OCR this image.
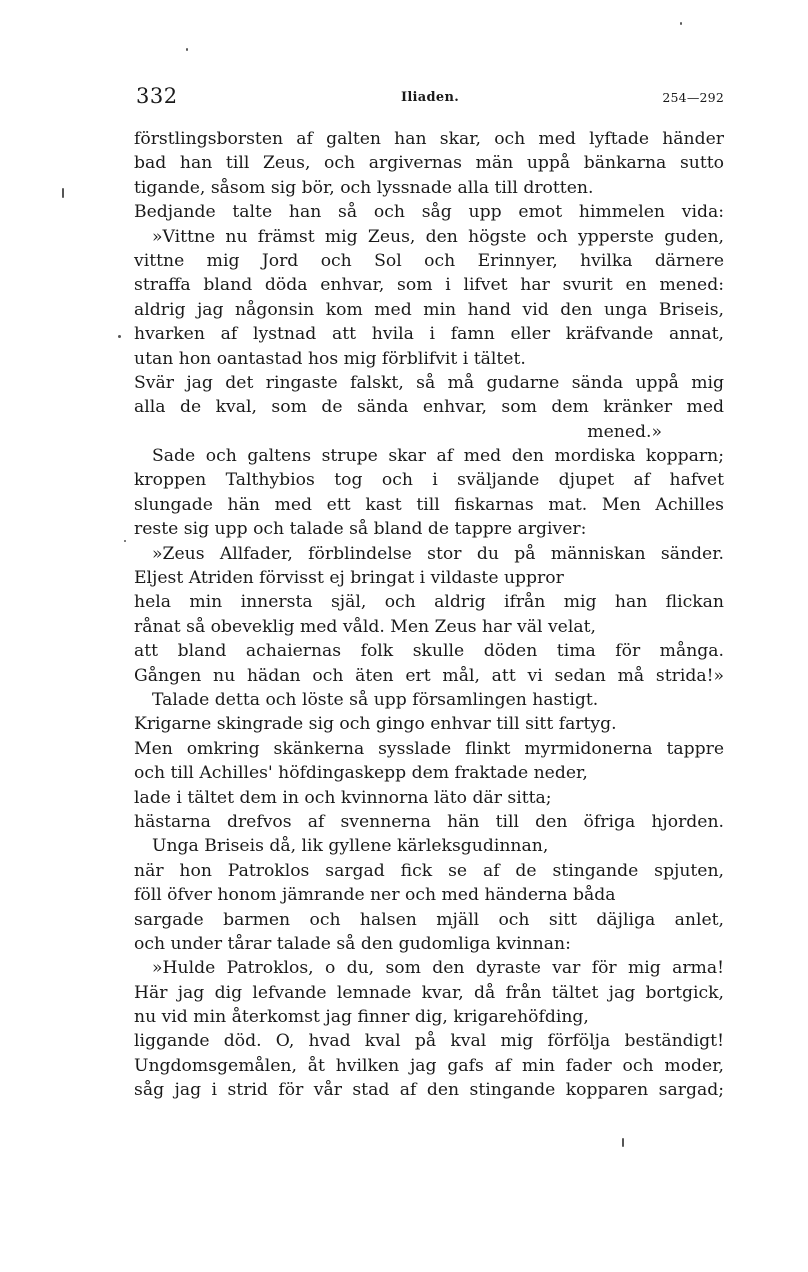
332	Iliaden.	254—292
förstlingsborsten af galten han skar, och med lyftade händer
bad han till Zeus, och argivernas män uppå bänkarna sutto
tigande, såsom sig bör, och lyssnade alla till drotten.
Bedjande talte han så och såg upp emot himmelen vida:
»Vittne nu främst mig Zeus, den högste och ypperste guden,
vittne mig Jord och Sol och Erinnyer, hvilka därnere
straffa bland döda enhvar, som i lifvet har svurit en mened:
aldrig jag någonsin kom med min hand vid den unga Briseis,
hvarken af lystnad att hvila i famn eller kräfvande annat,
utan hon oantastad hos mig förblifvit i tältet.
Svär jag det ringaste falskt, så må gudarne sända uppå mig
alla de kval, som de sända enhvar, som dem kränker med
mened.»
Sade och galtens strupe skar af med den mordiska kopparn;
kroppen Talthybios tog och i sväljande djupet af hafvet
slungade hän med ett kast till fiskarnas mat. Men Achilles
reste sig upp och talade så bland de tappre argiver:
»Zeus Allfader, förblindelse stor du på människan sänder.
Eljest Atriden förvisst ej bringat i vildaste uppror
hela min innersta själ, och aldrig ifrån mig han flickan
rånat så obeveklig med våld. Men Zeus har väl velat,
att bland achaiernas folk skulle döden tima för många.
Gången nu hädan och äten ert mål, att vi sedan må strida!»
Talade detta och löste så upp församlingen hastigt.
Krigarne skingrade sig och gingo enhvar till sitt fartyg.
Men omkring skänkerna sysslade flinkt myrmidonerna tappre
och till Achilles' höfdingaskepp dem fraktade neder,
lade i tältet dem in och kvinnorna läto där sitta;
hästarna drefvos af svennerna hän till den öfriga hjorden.
Unga Briseis då, lik gyllene kärleksgudinnan,
när hon Patroklos sargad fick se af de stingande spjuten,
föll öfver honom jämrande ner och med händerna båda
sargade barmen och halsen mjäll och sitt däjliga anlet,
och under tårar talade så den gudomliga kvinnan:
»Hulde Patroklos, o du, som den dyraste var för mig arma!
Här jag dig lefvande lemnade kvar, då från tältet jag bortgick,
nu vid min återkomst jag finner dig, krigarehöfding,
liggande död. O, hvad kval på kval mig förfölja beständigt!
Ungdomsgemålen, åt hvilken jag gafs af min fader och moder,
såg jag i strid för vår stad af den stingande kopparen sargad;
